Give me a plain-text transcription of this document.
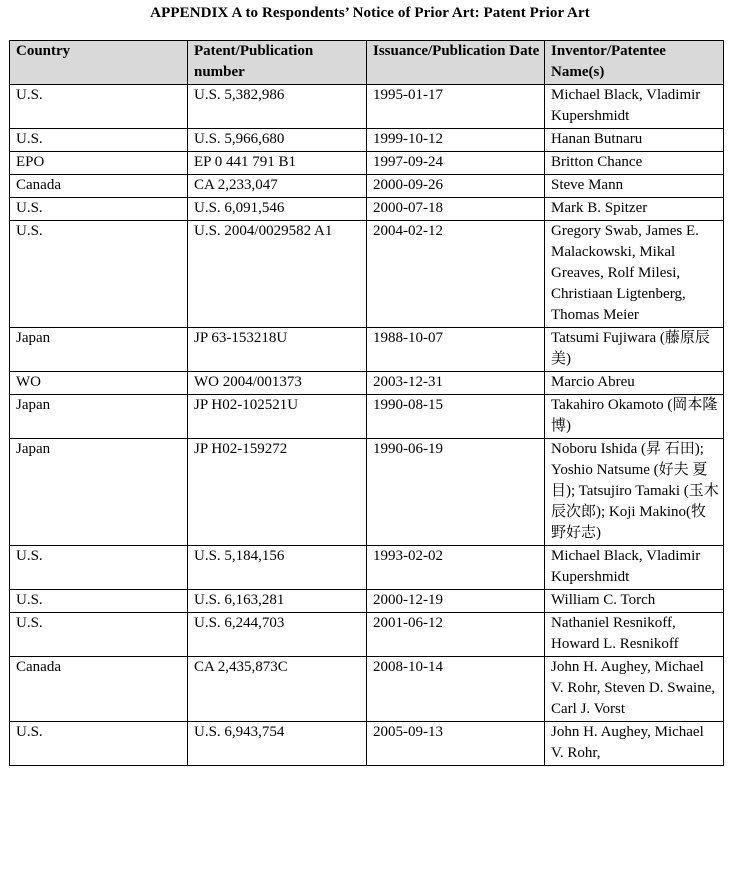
APPENDIX A to Respondents’ Notice of Prior Art: Patent Prior Art
Country	Patent/Publication number	Issuance/Publication Date	Inventor/Patentee Name(s)
U.S.	U.S. 5,382,986	1995-01-17	Michael Black, Vladimir Kupershmidt
U.S.	U.S. 5,966,680	1999-10-12	Hanan Butnaru
EPO	EP 0 441 791 B1	1997-09-24	Britton Chance
Canada	CA 2,233,047	2000-09-26	Steve Mann
U.S.	U.S. 6,091,546	2000-07-18	Mark B. Spitzer
U.S.	U.S. 2004/0029582 A1	2004-02-12	Gregory Swab, James E. Malackowski, Mikal Greaves, Rolf Milesi, Christiaan Ligtenberg, Thomas Meier
Japan	JP 63-153218U	1988-10-07	Tatsumi Fujiwara (藤原辰美)
WO	WO 2004/001373	2003-12-31	Marcio Abreu
Japan	JP H02-102521U	1990-08-15	Takahiro Okamoto (岡本隆博)
Japan	JP H02-159272	1990-06-19	Noboru Ishida (昇 石田); Yoshio Natsume (好夫 夏目); Tatsujiro Tamaki (玉木辰次郎); Koji Makino(牧野好志)
U.S.	U.S. 5,184,156	1993-02-02	Michael Black, Vladimir Kupershmidt
U.S.	U.S. 6,163,281	2000-12-19	William C. Torch
U.S.	U.S. 6,244,703	2001-06-12	Nathaniel Resnikoff, Howard L. Resnikoff
Canada	CA 2,435,873C	2008-10-14	John H. Aughey, Michael V. Rohr, Steven D. Swaine, Carl J. Vorst
U.S.	U.S. 6,943,754	2005-09-13	John H. Aughey, Michael V. Rohr,
